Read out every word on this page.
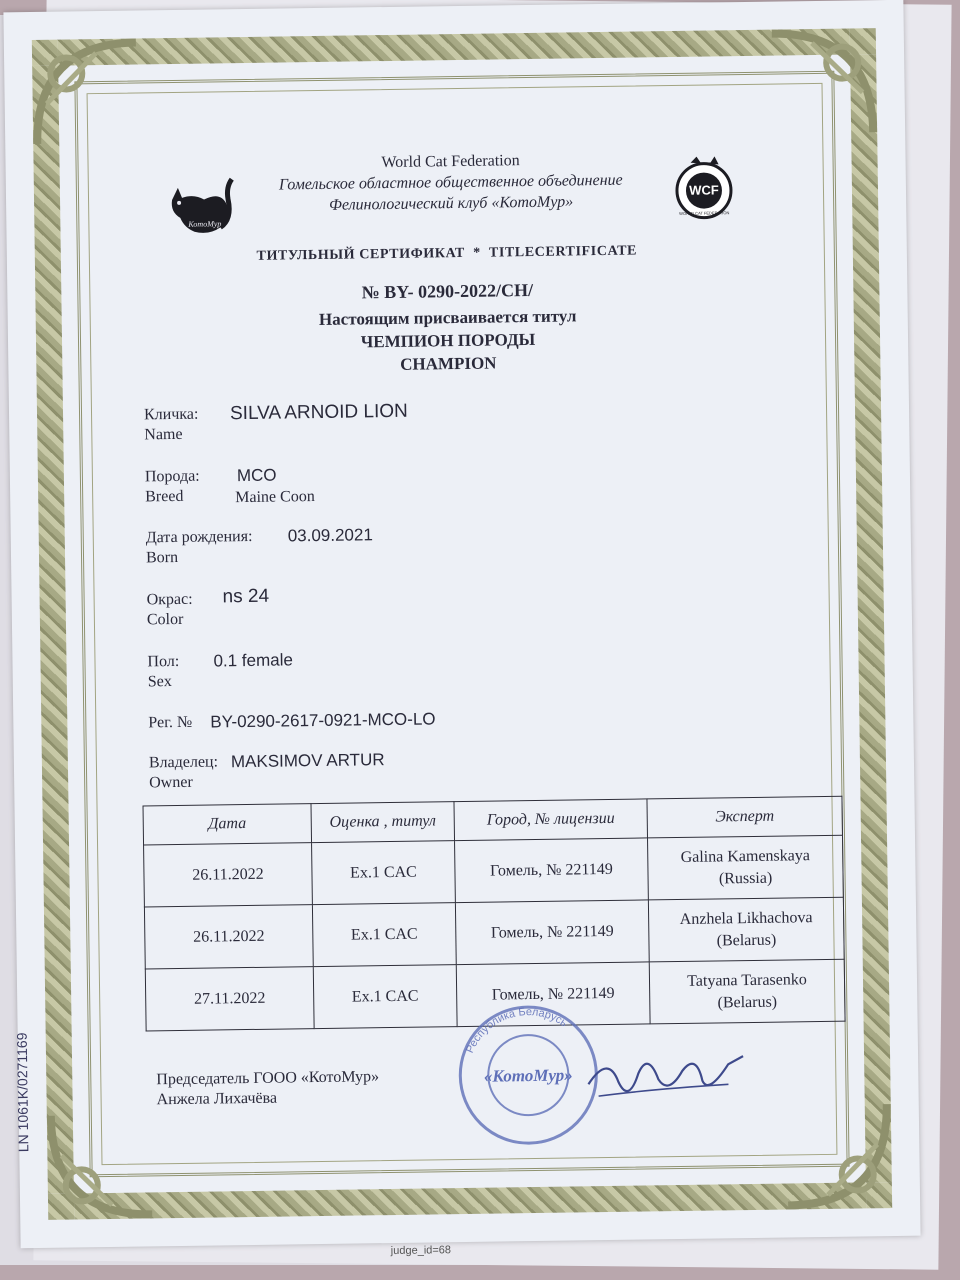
КотоМур
WCF
WORLD CAT FEDERATION
World Cat Federation
Гомельское областное общественное объединение
Фелинологический клуб «КотоМур»
ТИТУЛЬНЫЙ СЕРТИФИКАТ * TITLECERTIFICATE
№ BY- 0290-2022/CH/
Настоящим присваивается титул
ЧЕМПИОН ПОРОДЫ
CHAMPION
Кличка:
Name
SILVA ARNOID LION
Порода:
Breed
MCO
Maine Coon
Дата рождения:
Born
03.09.2021
Окрас:
Color
ns 24
Пол:
Sex
0.1 female
Рег. № BY-0290-2617-0921-MCO-LO
Владелец:
Owner
MAKSIMOV ARTUR
Дата	Оценка , титул	Город, № лицензии	Эксперт
26.11.2022	Ex.1 CAC	Гомель, № 221149	Galina Kamenskaya
(Russia)

26.11.2022	Ex.1 CAC	Гомель, № 221149	Anzhela Likhachova
(Belarus)

27.11.2022	Ex.1 CAC	Гомель, № 221149	Tatyana Tarasenko
(Belarus)
Председатель ГООО «КотоМур»
Анжела Лихачёва
Республика Беларусь
«КотоМур»
judge_id=68
LN 1061K/0271169
